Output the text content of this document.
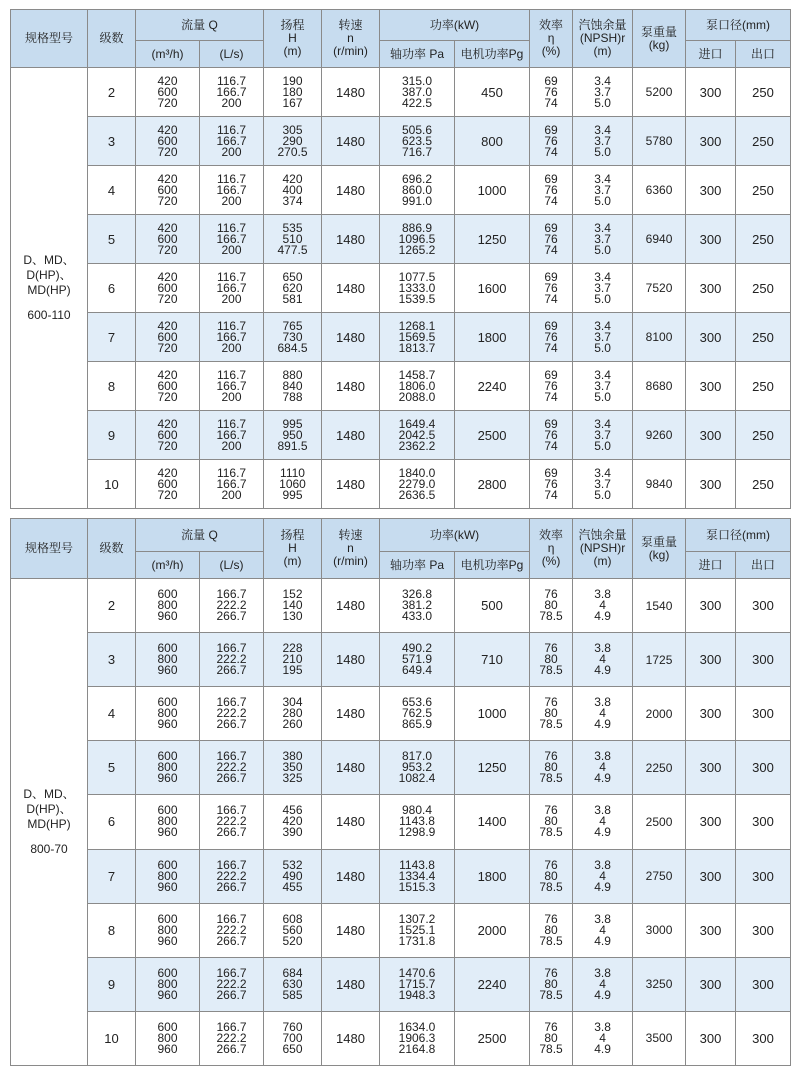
规格型号	级数	流量 Q		扬程
H
(m)	转速
n
(r/min)	功率(kW)		效率
η
(%)	汽蚀余量
(NPSH)r
(m)	泵重量
(kg)	泵口径(mm)	
		(m³/h)	(L/s)			轴功率 Pa	电机功率Pg				进口	出口

D、MD、
D(HP)、
MD(HP)
600-110	2	420
600
720	116.7
166.7
200	190
180
167	1480	315.0
387.0
422.5	450	69
76
74	3.4
3.7
5.0	5200	300	250
	3	420
600
720	116.7
166.7
200	305
290
270.5	1480	505.6
623.5
716.7	800	69
76
74	3.4
3.7
5.0	5780	300	250
	4	420
600
720	116.7
166.7
200	420
400
374	1480	696.2
860.0
991.0	1000	69
76
74	3.4
3.7
5.0	6360	300	250
	5	420
600
720	116.7
166.7
200	535
510
477.5	1480	886.9
1096.5
1265.2	1250	69
76
74	3.4
3.7
5.0	6940	300	250
	6	420
600
720	116.7
166.7
200	650
620
581	1480	1077.5
1333.0
1539.5	1600	69
76
74	3.4
3.7
5.0	7520	300	250
	7	420
600
720	116.7
166.7
200	765
730
684.5	1480	1268.1
1569.5
1813.7	1800	69
76
74	3.4
3.7
5.0	8100	300	250
	8	420
600
720	116.7
166.7
200	880
840
788	1480	1458.7
1806.0
2088.0	2240	69
76
74	3.4
3.7
5.0	8680	300	250
	9	420
600
720	116.7
166.7
200	995
950
891.5	1480	1649.4
2042.5
2362.2	2500	69
76
74	3.4
3.7
5.0	9260	300	250
	10	420
600
720	116.7
166.7
200	1110
1060
995	1480	1840.0
2279.0
2636.5	2800	69
76
74	3.4
3.7
5.0	9840	300	250
规格型号	级数	流量 Q		扬程
H
(m)	转速
n
(r/min)	功率(kW)		效率
η
(%)	汽蚀余量
(NPSH)r
(m)	泵重量
(kg)	泵口径(mm)	
		(m³/h)	(L/s)			轴功率 Pa	电机功率Pg				进口	出口

D、MD、
D(HP)、
MD(HP)
800-70	2	600
800
960	166.7
222.2
266.7	152
140
130	1480	326.8
381.2
433.0	500	76
80
78.5	3.8
4
4.9	1540	300	300
	3	600
800
960	166.7
222.2
266.7	228
210
195	1480	490.2
571.9
649.4	710	76
80
78.5	3.8
4
4.9	1725	300	300
	4	600
800
960	166.7
222.2
266.7	304
280
260	1480	653.6
762.5
865.9	1000	76
80
78.5	3.8
4
4.9	2000	300	300
	5	600
800
960	166.7
222.2
266.7	380
350
325	1480	817.0
953.2
1082.4	1250	76
80
78.5	3.8
4
4.9	2250	300	300
	6	600
800
960	166.7
222.2
266.7	456
420
390	1480	980.4
1143.8
1298.9	1400	76
80
78.5	3.8
4
4.9	2500	300	300
	7	600
800
960	166.7
222.2
266.7	532
490
455	1480	1143.8
1334.4
1515.3	1800	76
80
78.5	3.8
4
4.9	2750	300	300
	8	600
800
960	166.7
222.2
266.7	608
560
520	1480	1307.2
1525.1
1731.8	2000	76
80
78.5	3.8
4
4.9	3000	300	300
	9	600
800
960	166.7
222.2
266.7	684
630
585	1480	1470.6
1715.7
1948.3	2240	76
80
78.5	3.8
4
4.9	3250	300	300
	10	600
800
960	166.7
222.2
266.7	760
700
650	1480	1634.0
1906.3
2164.8	2500	76
80
78.5	3.8
4
4.9	3500	300	300
